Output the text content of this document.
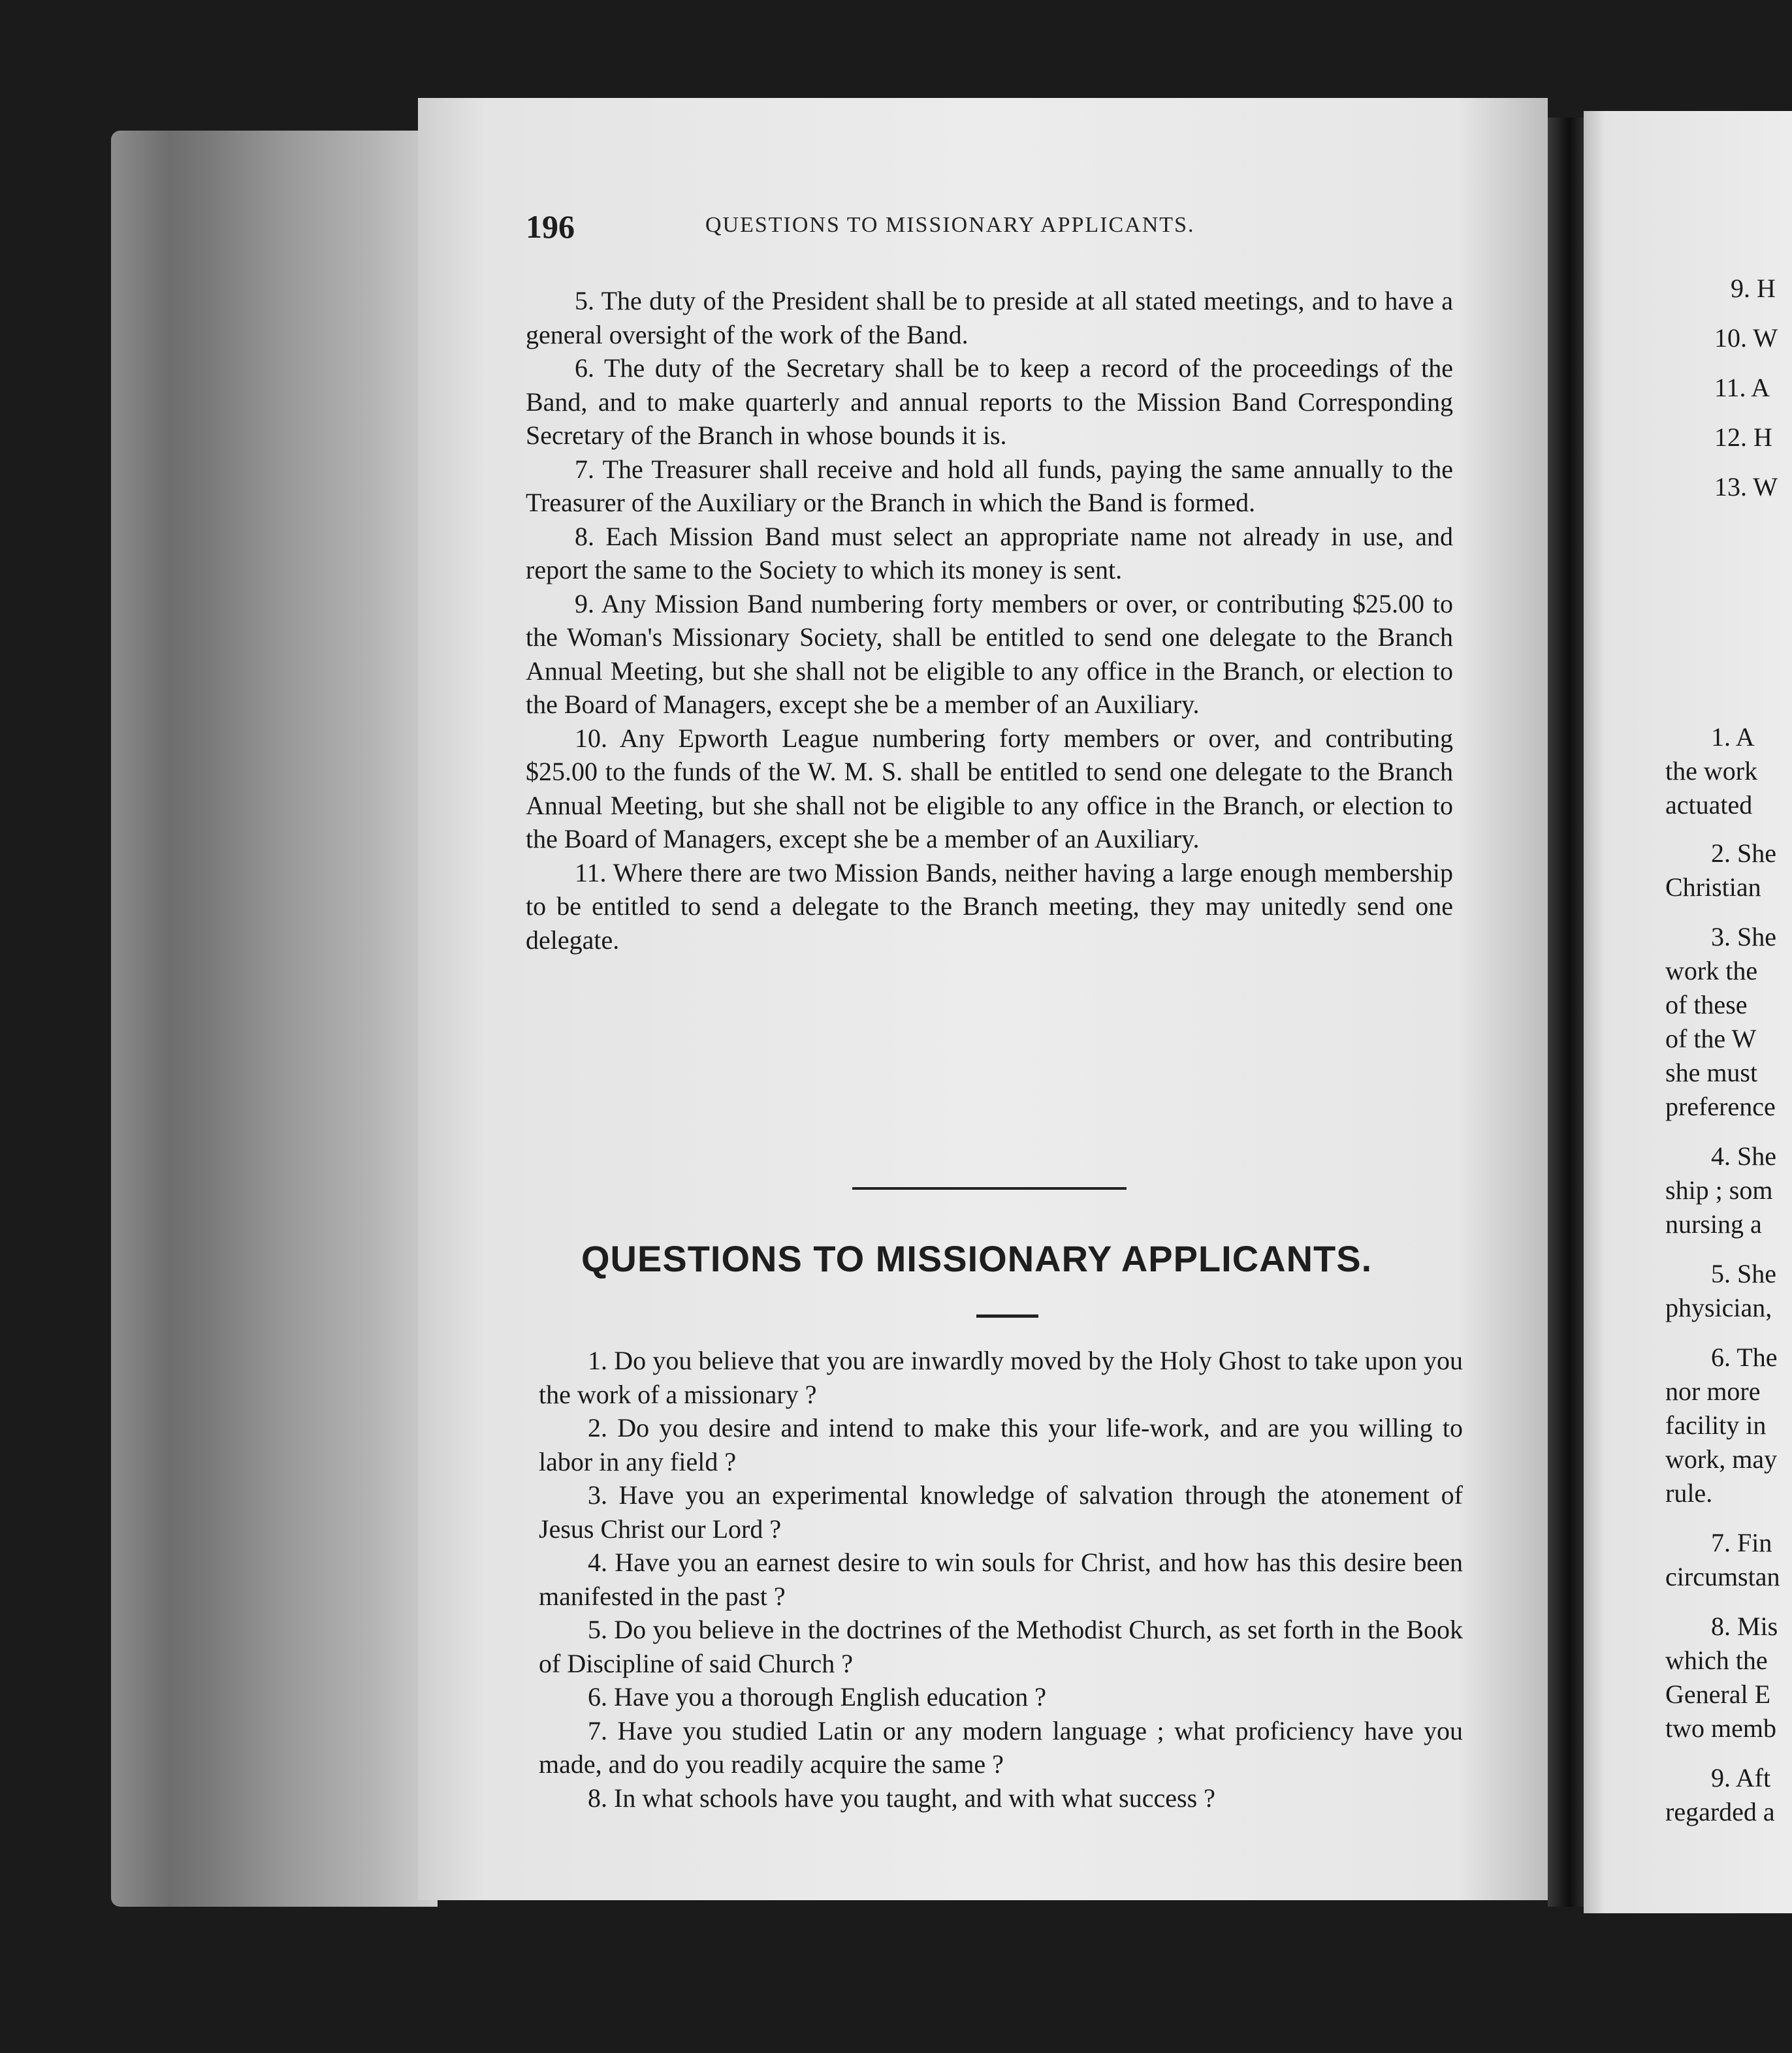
196	QUESTIONS TO MISSIONARY APPLICANTS.

5. The duty of the President shall be to preside at all stated meetings, and to have a general oversight of the work of the Band.

6. The duty of the Secretary shall be to keep a record of the proceedings of the Band, and to make quarterly and annual reports to the Mission Band Corresponding Secretary of the Branch in whose bounds it is.

7. The Treasurer shall receive and hold all funds, paying the same annually to the Treasurer of the Auxiliary or the Branch in which the Band is formed.

8. Each Mission Band must select an appropriate name not already in use, and report the same to the Society to which its money is sent.

9. Any Mission Band numbering forty members or over, or contributing $25.00 to the Woman's Missionary Society, shall be entitled to send one delegate to the Branch Annual Meeting, but she shall not be eligible to any office in the Branch, or election to the Board of Managers, except she be a member of an Auxiliary.

10. Any Epworth League numbering forty members or over, and contributing $25.00 to the funds of the W. M. S. shall be entitled to send one delegate to the Branch Annual Meeting, but she shall not be eligible to any office in the Branch, or election to the Board of Managers, except she be a member of an Auxiliary.

11. Where there are two Mission Bands, neither having a large enough membership to be entitled to send a delegate to the Branch meeting, they may unitedly send one delegate.

QUESTIONS TO MISSIONARY APPLICANTS.

1. Do you believe that you are inwardly moved by the Holy Ghost to take upon you the work of a missionary ?

2. Do you desire and intend to make this your life-work, and are you willing to labor in any field ?

3. Have you an experimental knowledge of salvation through the atonement of Jesus Christ our Lord ?

4. Have you an earnest desire to win souls for Christ, and how has this desire been manifested in the past ?

5. Do you believe in the doctrines of the Methodist Church, as set forth in the Book of Discipline of said Church ?

6. Have you a thorough English education ?

7. Have you studied Latin or any modern language ; what proficiency have you made, and do you readily acquire the same ?

8. In what schools have you taught, and with what success ?

9. H
10. W
11. A
12. H
13. W
1. A
the work
actuated
2. She
Christian
3. She
work the
of these
of the W
she must
preference
4. She
ship ; som
nursing a
5. She
physician,
6. The
nor more
facility in
work, may
rule.
7. Fin
circumstan
8. Mis
which the
General E
two memb
9. Aft
regarded a
